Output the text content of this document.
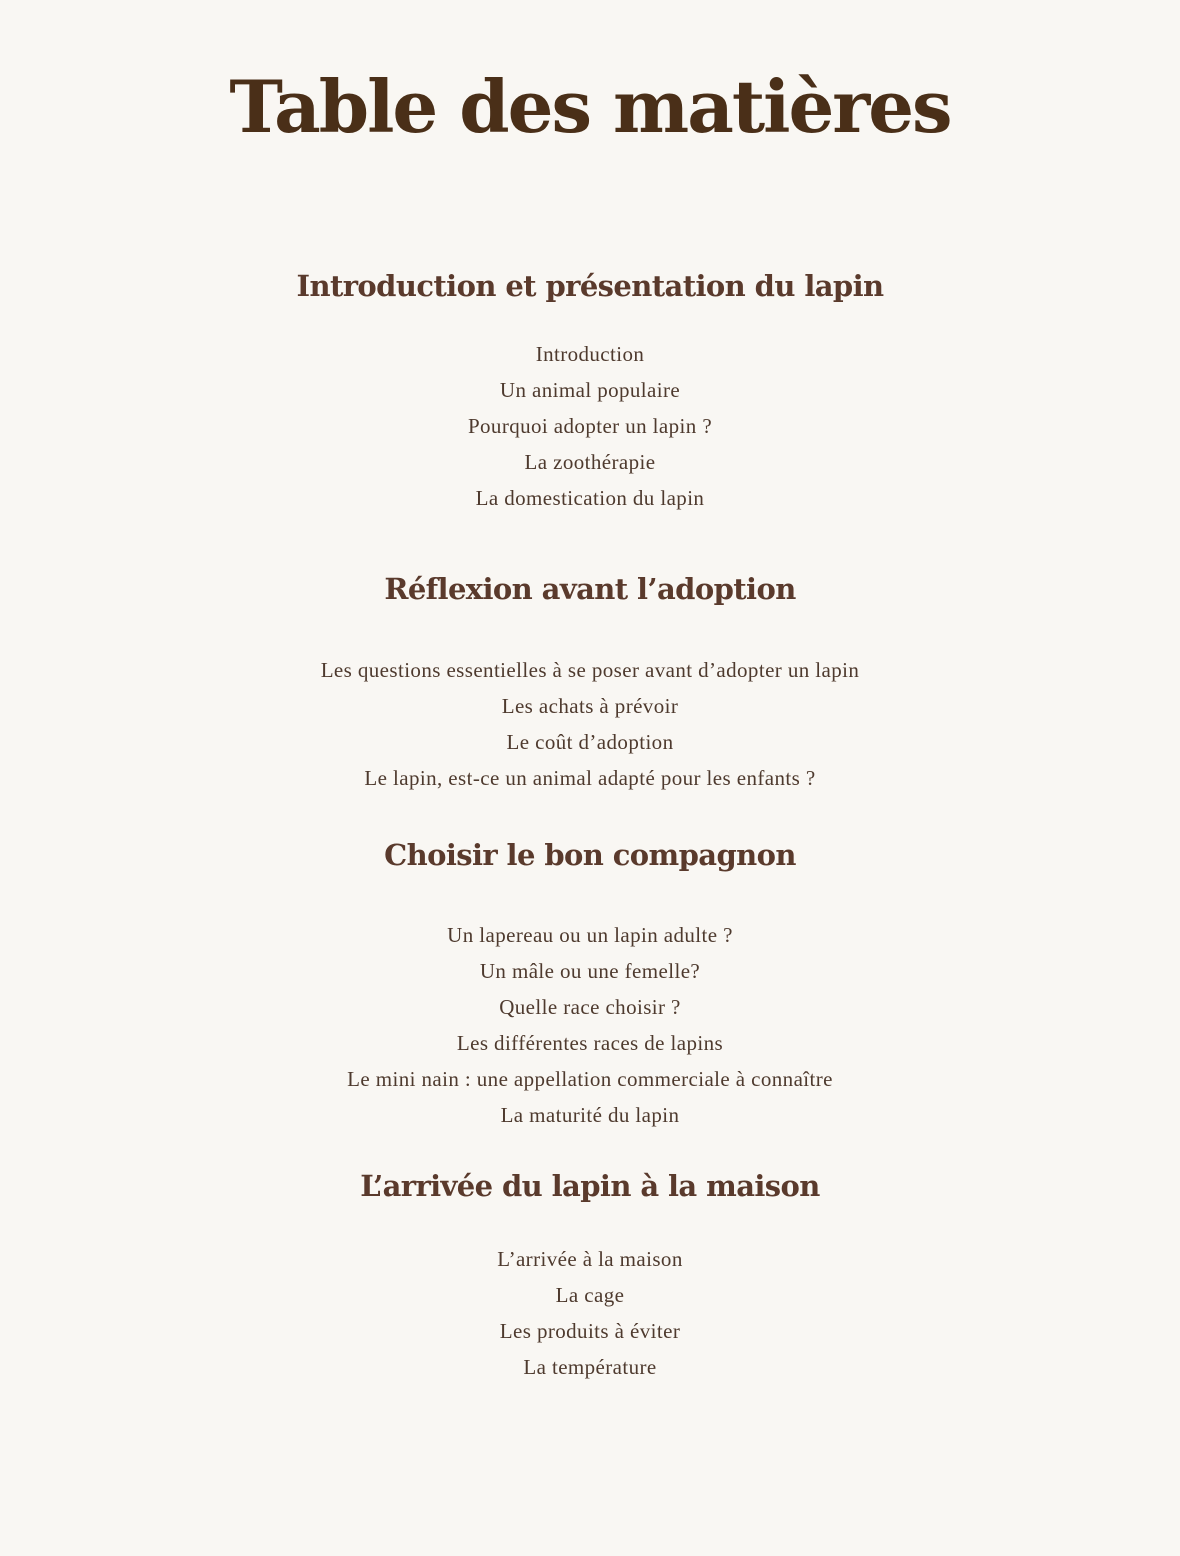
Table des matières
Introduction et présentation du lapin
Introduction
Un animal populaire
Pourquoi adopter un lapin ?
La zoothérapie
La domestication du lapin
Réflexion avant l’adoption
Les questions essentielles à se poser avant d’adopter un lapin
Les achats à prévoir
Le coût d’adoption
Le lapin, est-ce un animal adapté pour les enfants ?
Choisir le bon compagnon
Un lapereau ou un lapin adulte ?
Un mâle ou une femelle?
Quelle race choisir ?
Les différentes races de lapins
Le mini nain : une appellation commerciale à connaître
La maturité du lapin
L’arrivée du lapin à la maison
L’arrivée à la maison
La cage
Les produits à éviter
La température
